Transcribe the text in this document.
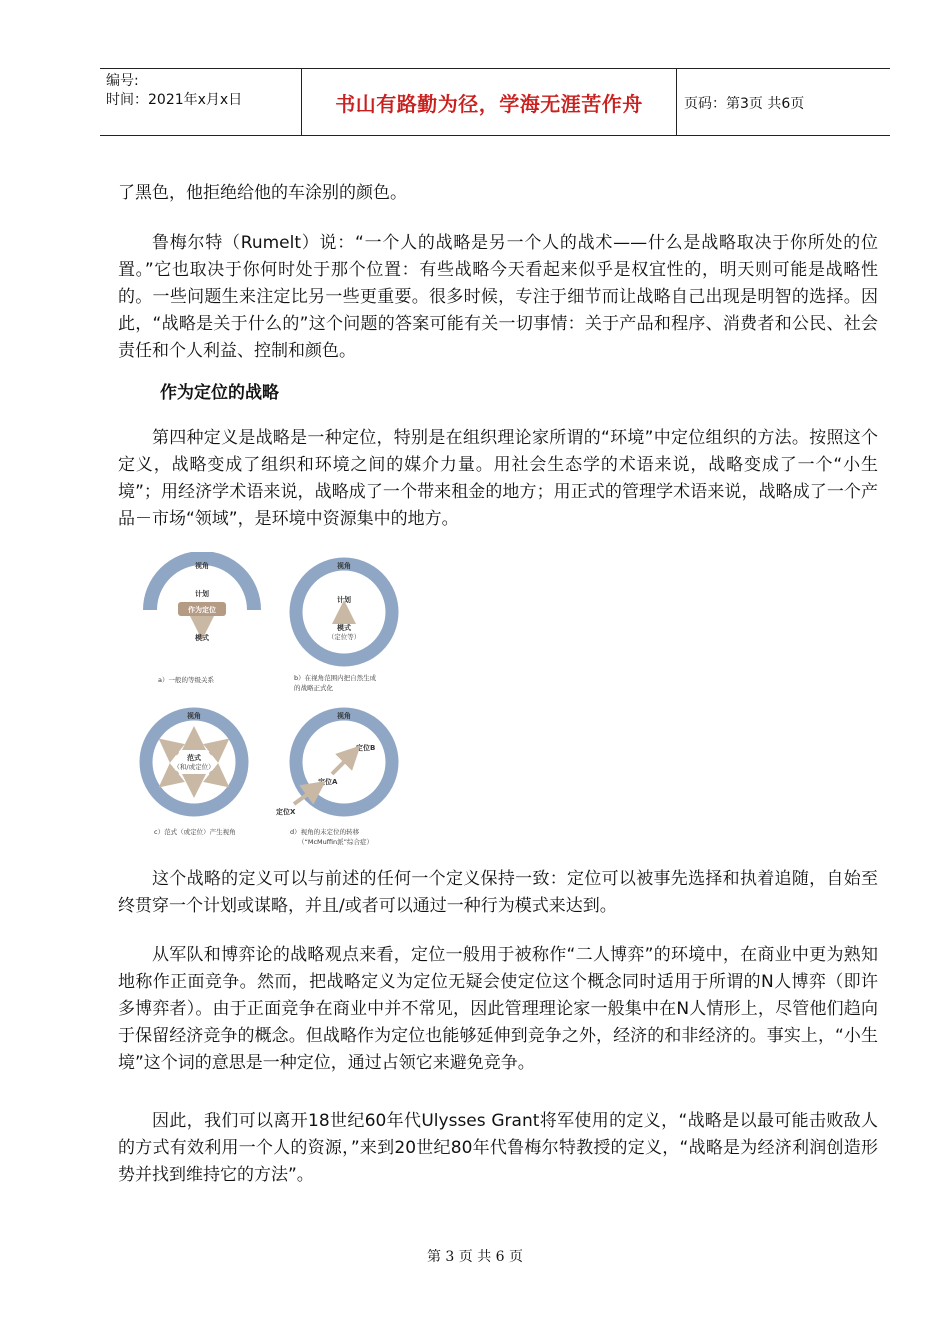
编号:
时间：2021年x月x日	书山有路勤为径，学海无涯苦作舟	页码：第3页 共6页

了黑色，他拒绝给他的车涂别的颜色。

鲁梅尔特（Rumelt）说：“一个人的战略是另一个人的战术——什么是战略取决于你所处的位置。”它也取决于你何时处于那个位置：有些战略今天看起来似乎是权宜性的，明天则可能是战略性的。一些问题生来注定比另一些更重要。很多时候，专注于细节而让战略自己出现是明智的选择。因此，“战略是关于什么的”这个问题的答案可能有关一切事情：关于产品和程序、消费者和公民、社会责任和个人利益、控制和颜色。

作为定位的战略

第四种定义是战略是一种定位，特别是在组织理论家所谓的“环境”中定位组织的方法。按照这个定义，战略变成了组织和环境之间的媒介力量。用社会生态学的术语来说，战略变成了一个“小生境”；用经济学术语来说，战略成了一个带来租金的地方；用正式的管理学术语来说，战略成了一个产品－市场“领域”，是环境中资源集中的地方。

视角
计划
作为定位
模式
a）一般的等级关系
视角
计划
模式
（定位等）
b）在视角范围内把自然生成
的战略正式化
视角
范式
（和/或定位）
c）范式（或定位）产生视角
视角
定位B
定位A
定位X
d）视角的未定位的转移
（“McMuffin派”综合症）

这个战略的定义可以与前述的任何一个定义保持一致：定位可以被事先选择和执着追随，自始至终贯穿一个计划或谋略，并且/或者可以通过一种行为模式来达到。

从军队和博弈论的战略观点来看，定位一般用于被称作“二人博弈”的环境中，在商业中更为熟知地称作正面竞争。然而，把战略定义为定位无疑会使定位这个概念同时适用于所谓的N人博弈（即许多博弈者）。由于正面竞争在商业中并不常见，因此管理理论家一般集中在N人情形上，尽管他们趋向于保留经济竞争的概念。但战略作为定位也能够延伸到竞争之外，经济的和非经济的。事实上，“小生境”这个词的意思是一种定位，通过占领它来避免竞争。

因此，我们可以离开18世纪60年代Ulysses Grant将军使用的定义，“战略是以最可能击败敌人的方式有效利用一个人的资源，”来到20世纪80年代鲁梅尔特教授的定义，“战略是为经济利润创造形势并找到维持它的方法”。

第 3 页 共 6 页
